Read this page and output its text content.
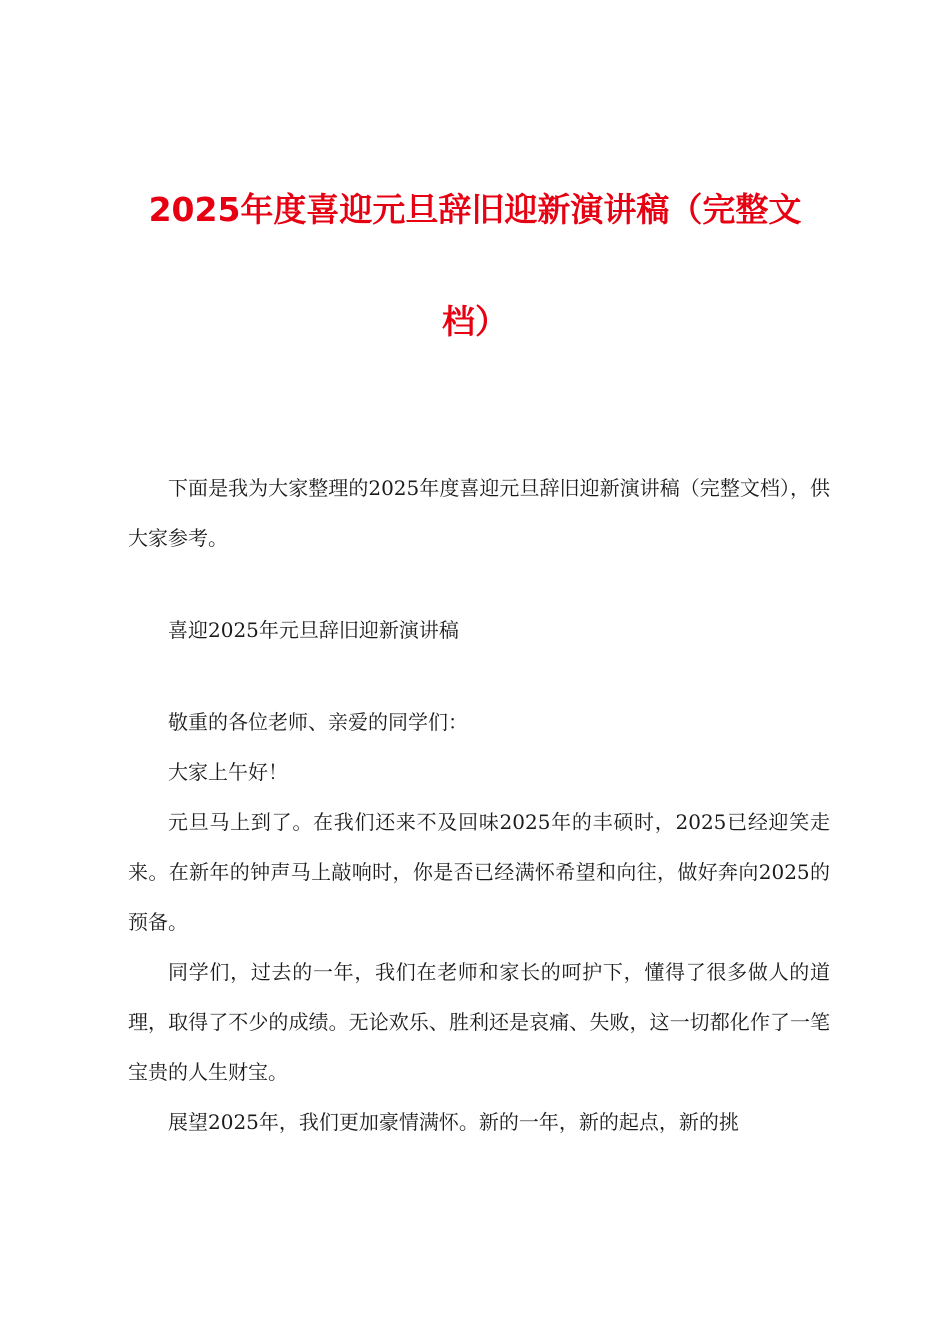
2025年度喜迎元旦辞旧迎新演讲稿（完整文
档）

下面是我为大家整理的2025年度喜迎元旦辞旧迎新演讲稿（完整文档），供大家参考。

喜迎2025年元旦辞旧迎新演讲稿

敬重的各位老师、亲爱的同学们：

大家上午好！

元旦马上到了。在我们还来不及回味2025年的丰硕时，2025已经迎笑走来。在新年的钟声马上敲响时，你是否已经满怀希望和向往，做好奔向2025的预备。

同学们，过去的一年，我们在老师和家长的呵护下，懂得了很多做人的道理，取得了不少的成绩。无论欢乐、胜利还是哀痛、失败，这一切都化作了一笔宝贵的人生财宝。

展望2025年，我们更加豪情满怀。新的一年，新的起点，新的挑
